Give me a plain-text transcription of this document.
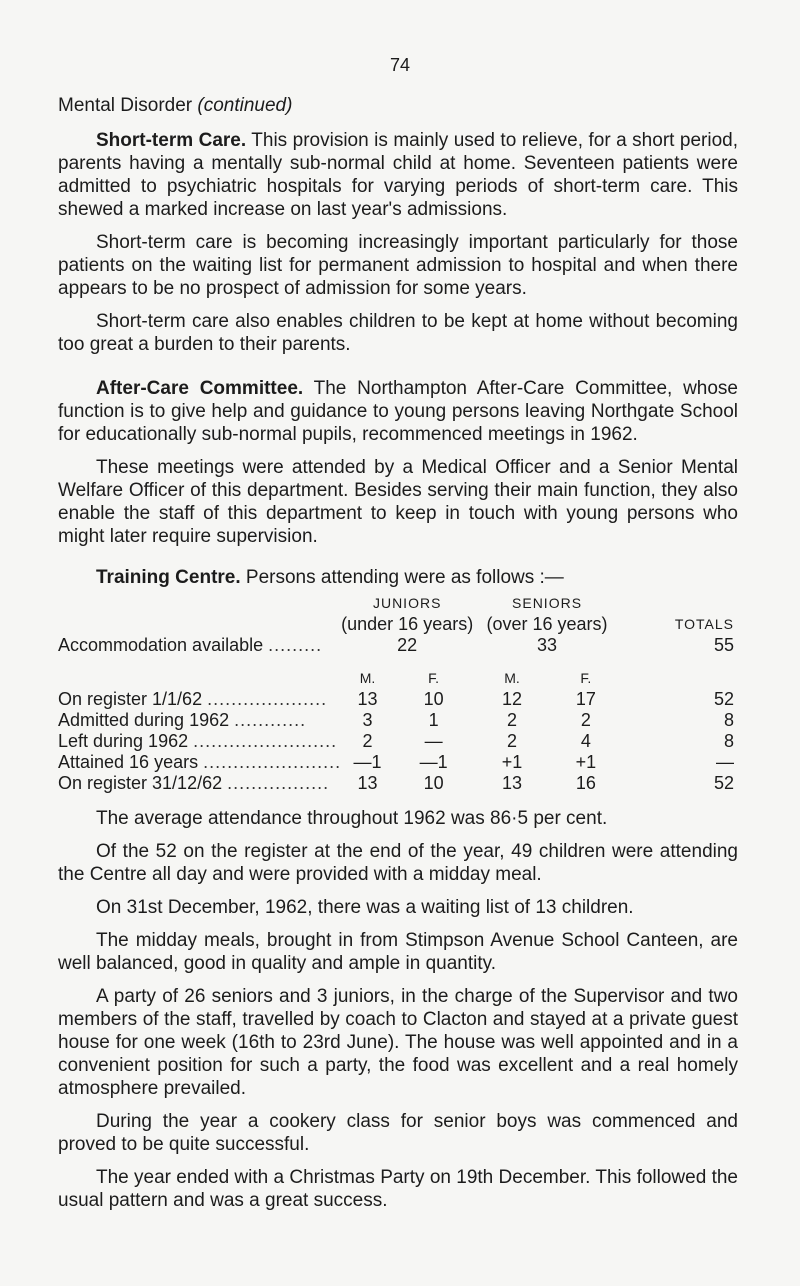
74
Mental Disorder (continued)

Short-term Care. This provision is mainly used to relieve, for a short period, parents having a mentally sub-normal child at home. Seventeen patients were admitted to psychiatric hospitals for varying periods of short-term care. This shewed a marked increase on last year's admissions.

Short-term care is becoming increasingly important particularly for those patients on the waiting list for permanent admission to hospital and when there appears to be no prospect of admission for some years.

Short-term care also enables children to be kept at home without becoming too great a burden to their parents.

After-Care Committee. The Northampton After-Care Committee, whose function is to give help and guidance to young persons leaving Northgate School for educationally sub-normal pupils, recommenced meetings in 1962.

These meetings were attended by a Medical Officer and a Senior Mental Welfare Officer of this department. Besides serving their main function, they also enable the staff of this department to keep in touch with young persons who might later require supervision.

Training Centre. Persons attending were as follows :—

	JUNIORS		SENIORS		
	(under 16 years)		(over 16 years)		TOTALS
Accommodation available .........	22		33		55
	M.	F.	M.	F.	
On register 1/1/62 ....................	13	10	12	17	52
Admitted during 1962 ............	3	1	2	2	8
Left during 1962 ........................	2	—	2	4	8
Attained 16 years .......................	—1	—1	+1	+1	—
On register 31/12/62 .................	13	10	13	16	52

The average attendance throughout 1962 was 86·5 per cent.

Of the 52 on the register at the end of the year, 49 children were attending the Centre all day and were provided with a midday meal.

On 31st December, 1962, there was a waiting list of 13 children.

The midday meals, brought in from Stimpson Avenue School Canteen, are well balanced, good in quality and ample in quantity.

A party of 26 seniors and 3 juniors, in the charge of the Supervisor and two members of the staff, travelled by coach to Clacton and stayed at a private guest house for one week (16th to 23rd June). The house was well appointed and in a convenient position for such a party, the food was excellent and a real homely atmosphere prevailed.

During the year a cookery class for senior boys was commenced and proved to be quite successful.

The year ended with a Christmas Party on 19th December. This followed the usual pattern and was a great success.
